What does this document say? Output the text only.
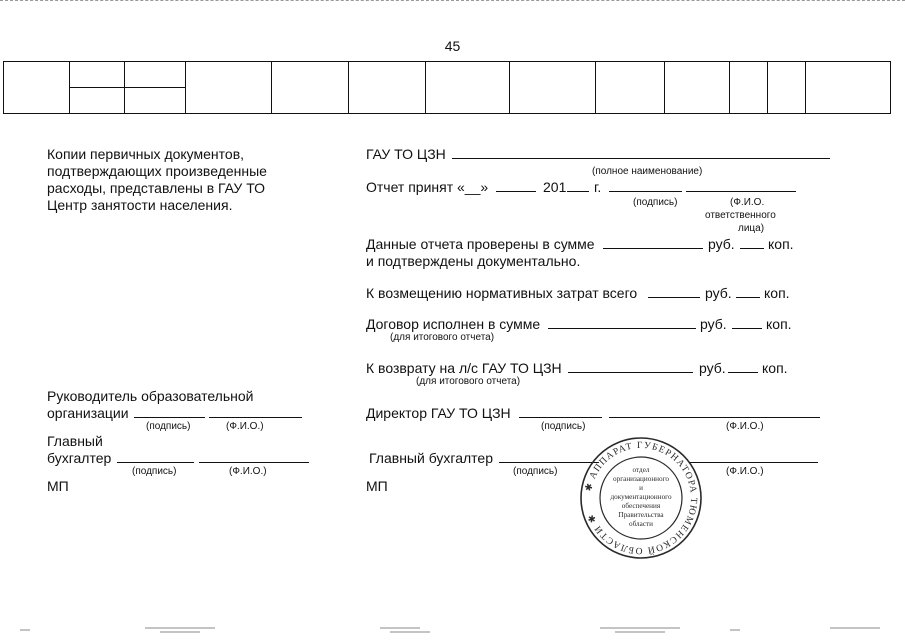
45

Копии первичных документов,
подтверждающих произведенные
расходы, представлены в ГАУ ТО
Центр занятости населения.
Руководитель образовательной
организации
(подпись)	(Ф.И.О.)
Главный
бухгалтер
(подпись)	(Ф.И.О.)
МП
ГАУ ТО ЦЗН
(полное наименование)
Отчет принят «__»	201 г.
(подпись)	(Ф.И.О.
ответственного
лица)
Данные отчета проверены в сумме	руб. коп.
и подтверждены документально.
К возмещению нормативных затрат всего	руб. коп.
Договор исполнен в сумме	руб.	коп.
(для итогового отчета)
К возврату на л/с ГАУ ТО ЦЗН	руб.	коп.
(для итогового отчета)
Директор ГАУ ТО ЦЗН
(подпись)	(Ф.И.О.)
Главный бухгалтер
(подпись)	(Ф.И.О.)
МП	✱ АППАРАТ ГУБЕРНАТОРА ТЮМЕНСКОЙ ОБЛАСТИ ✱
отдел
организационного
и
документационного
обеспечения
Правительства
области
